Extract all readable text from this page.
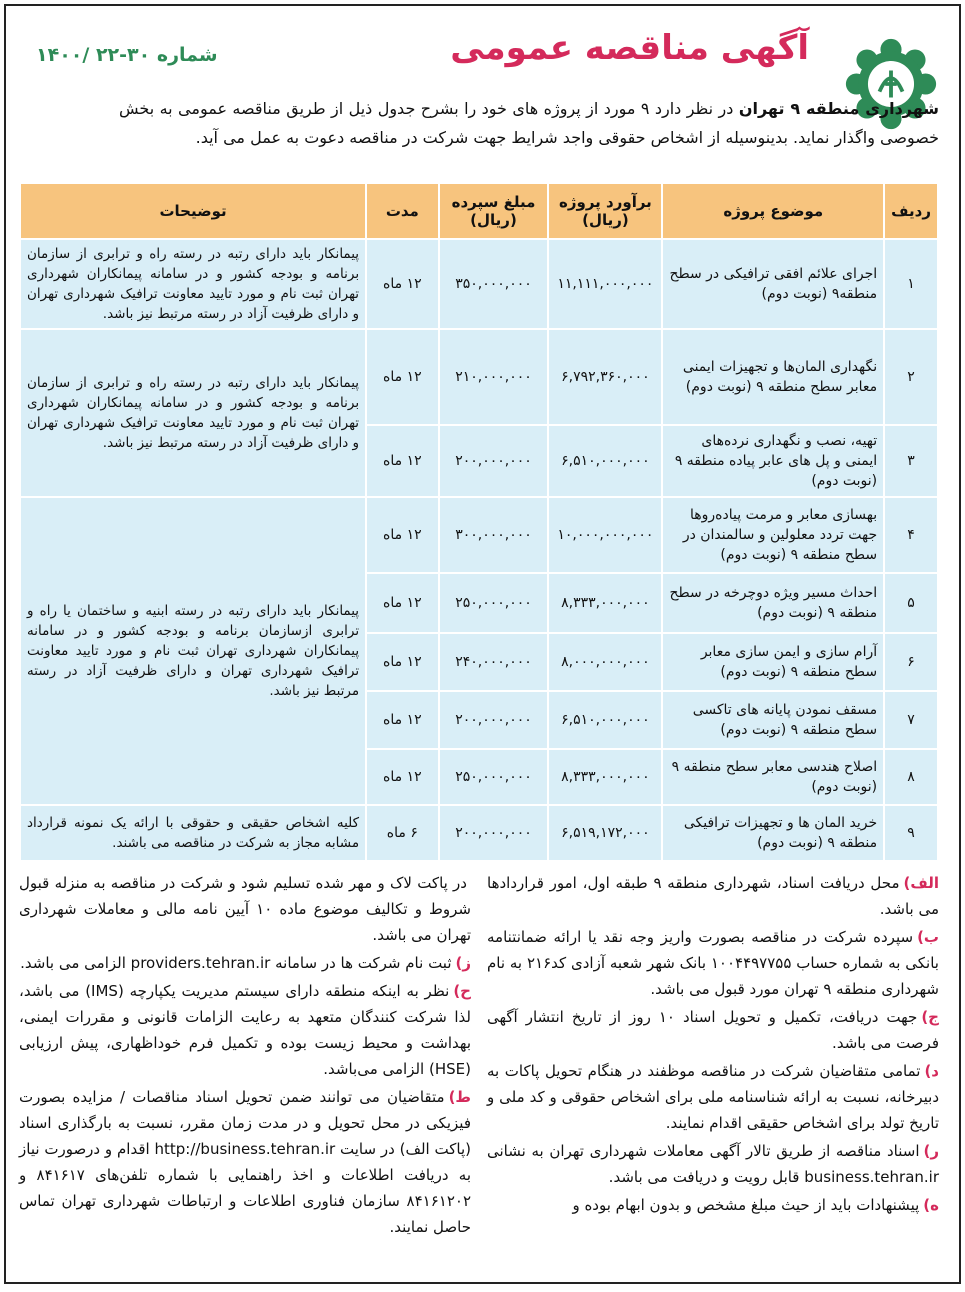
آگهی مناقصه عمومی
شماره ۳۰-۲۲ /۱۴۰۰
شهرداری منطقه ۹ تهران در نظر دارد ۹ مورد از پروژه های خود را بشرح جدول ذیل از طریق مناقصه عمومی به بخش خصوصی واگذار نماید. بدینوسیله از اشخاص حقوقی واجد شرایط جهت شرکت در مناقصه دعوت به عمل می آید.
ردیف	موضوع پروژه	برآورد پروژه (ریال)	مبلغ سپرده (ریال)	مدت	توضیحات
۱	اجرای علائم افقی ترافیکی در سطح منطقه۹ (نوبت دوم)	۱۱,۱۱۱,۰۰۰,۰۰۰	۳۵۰,۰۰۰,۰۰۰	۱۲ ماه	پیمانکار باید دارای رتبه در رسته راه و ترابری از سازمان برنامه و بودجه کشور و در سامانه پیمانکاران شهرداری تهران ثبت نام و مورد تایید معاونت ترافیک شهرداری تهران و دارای ظرفیت آزاد در رسته مرتبط نیز باشد.
۲	نگهداری المان‌ها و تجهیزات ایمنی معابر سطح منطقه ۹ (نوبت دوم)	۶,۷۹۲,۳۶۰,۰۰۰	۲۱۰,۰۰۰,۰۰۰	۱۲ ماه	پیمانکار باید دارای رتبه در رسته راه و ترابری از سازمان برنامه و بودجه کشور و در سامانه پیمانکاران شهرداری تهران ثبت نام و مورد تایید معاونت ترافیک شهرداری تهران و دارای ظرفیت آزاد در رسته مرتبط نیز باشد.
۳	تهیه، نصب و نگهداری نرده‌های ایمنی و پل های عابر پیاده منطقه ۹ (نوبت دوم)	۶,۵۱۰,۰۰۰,۰۰۰	۲۰۰,۰۰۰,۰۰۰	۱۲ ماه	
۴	بهسازی معابر و مرمت پیاده‌روها جهت تردد معلولین و سالمندان در سطح منطقه ۹ (نوبت دوم)	۱۰,۰۰۰,۰۰۰,۰۰۰	۳۰۰,۰۰۰,۰۰۰	۱۲ ماه	پیمانکار باید دارای رتبه در رسته ابنیه و ساختمان یا راه و ترابری ازسازمان برنامه و بودجه کشور و در سامانه پیمانکاران شهرداری تهران ثبت نام و مورد تایید معاونت ترافیک شهرداری تهران و دارای ظرفیت آزاد در رسته مرتبط نیز باشد.
۵	احداث مسیر ویژه دوچرخه در سطح منطقه ۹ (نوبت دوم)	۸,۳۳۳,۰۰۰,۰۰۰	۲۵۰,۰۰۰,۰۰۰	۱۲ ماه	
۶	آرام سازی و ایمن سازی معابر سطح منطقه ۹ (نوبت دوم)	۸,۰۰۰,۰۰۰,۰۰۰	۲۴۰,۰۰۰,۰۰۰	۱۲ ماه	
۷	مسقف نمودن پایانه های تاکسی سطح منطقه ۹ (نوبت دوم)	۶,۵۱۰,۰۰۰,۰۰۰	۲۰۰,۰۰۰,۰۰۰	۱۲ ماه	
۸	اصلاح هندسی معابر سطح منطقه ۹ (نوبت دوم)	۸,۳۳۳,۰۰۰,۰۰۰	۲۵۰,۰۰۰,۰۰۰	۱۲ ماه	
۹	خرید المان ها و تجهیزات ترافیکی منطقه ۹ (نوبت دوم)	۶,۵۱۹,۱۷۲,۰۰۰	۲۰۰,۰۰۰,۰۰۰	۶ ماه	کلیه اشخاص حقیقی و حقوقی با ارائه یک نمونه قرارداد مشابه مجاز به شرکت در مناقصه می باشند.
الف)محل دریافت اسناد، شهرداری منطقه ۹ طبقه اول، امور قراردادها می باشد.
ب)سپرده شرکت در مناقصه بصورت واریز وجه نقد یا ارائه ضمانتنامه بانکی به شماره حساب ۱۰۰۴۴۹۷۷۵۵ بانک شهر شعبه آزادی کد۲۱۶ به نام شهرداری منطقه ۹ تهران مورد قبول می باشد.
ج)جهت دریافت، تکمیل و تحویل اسناد ۱۰ روز از تاریخ انتشار آگهی فرصت می باشد.
د)تمامی متقاضیان شرکت در مناقصه موظفند در هنگام تحویل پاکات به دبیرخانه، نسبت به ارائه شناسنامه ملی برای اشخاص حقوقی و کد ملی و تاریخ تولد برای اشخاص حقیقی اقدام نمایند.
ر)اسناد مناقصه از طریق تالار آگهی معاملات شهرداری تهران به نشانی business.tehran.ir قابل رویت و دریافت می باشد.
ه)پیشنهادات باید از حیث مبلغ مشخص و بدون ابهام بوده و
در پاکت لاک و مهر شده تسلیم شود و شرکت در مناقصه به منزله قبول شروط و تکالیف موضوع ماده ۱۰ آیین نامه مالی و معاملات شهرداری تهران می باشد.
ز)ثبت نام شرکت ها در سامانه providers.tehran.ir الزامی می باشد.
ح)نظر به اینکه منطقه دارای سیستم مدیریت یکپارچه (IMS) می باشد، لذا شرکت کنندگان متعهد به رعایت الزامات قانونی و مقررات ایمنی، بهداشت و محیط زیست بوده و تکمیل فرم خوداظهاری، پیش ارزیابی (HSE) الزامی می‌باشد.
ط)متقاضیان می توانند ضمن تحویل اسناد مناقصات / مزایده بصورت فیزیکی در محل تحویل و در مدت زمان مقرر، نسبت به بارگذاری اسناد (پاکت الف) در سایت http://business.tehran.ir اقدام و درصورت نیاز به دریافت اطلاعات و اخذ راهنمایی با شماره تلفن‌های ۸۴۱۶۱۷ و ۸۴۱۶۱۲۰۲ سازمان فناوری اطلاعات و ارتباطات شهرداری تهران تماس حاصل نمایند.
